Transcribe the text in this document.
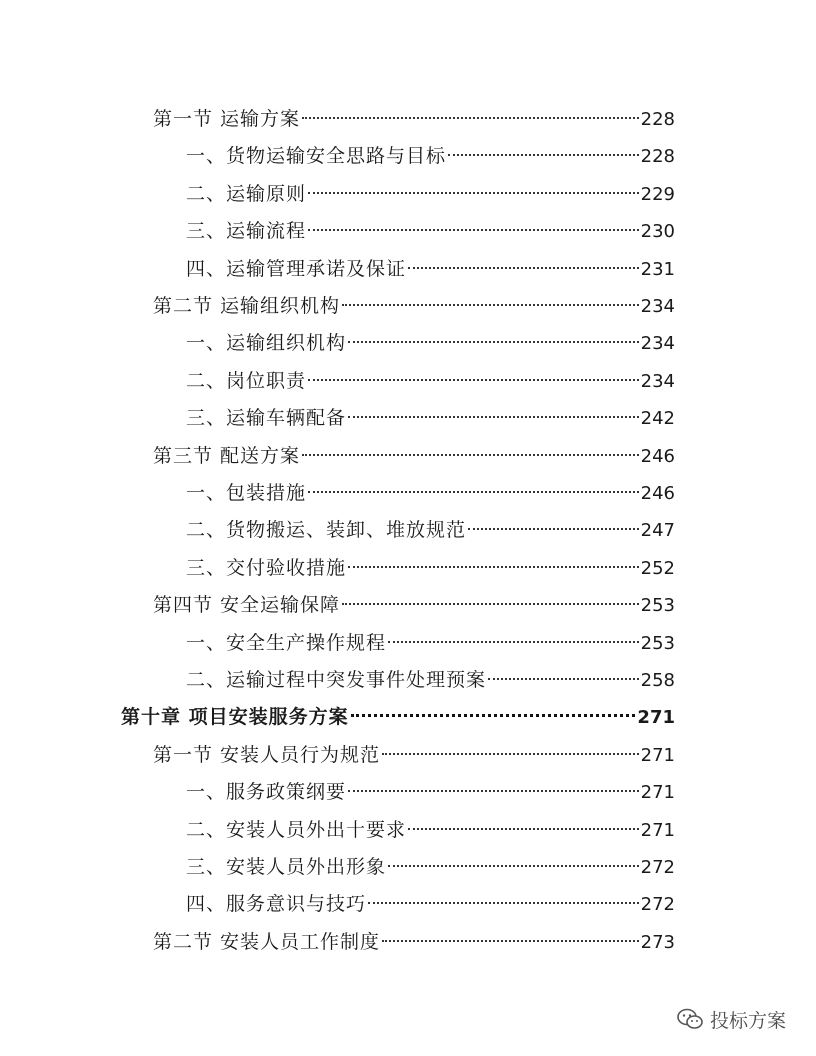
第一节 运输方案	228
一、货物运输安全思路与目标	228
二、运输原则	229
三、运输流程	230
四、运输管理承诺及保证	231
第二节 运输组织机构	234
一、运输组织机构	234
二、岗位职责	234
三、运输车辆配备	242
第三节 配送方案	246
一、包装措施	246
二、货物搬运、装卸、堆放规范	247
三、交付验收措施	252
第四节 安全运输保障	253
一、安全生产操作规程	253
二、运输过程中突发事件处理预案	258
第十章 项目安装服务方案	271
第一节 安装人员行为规范	271
一、服务政策纲要	271
二、安装人员外出十要求	271
三、安装人员外出形象	272
四、服务意识与技巧	272
第二节 安装人员工作制度	273
投标方案
